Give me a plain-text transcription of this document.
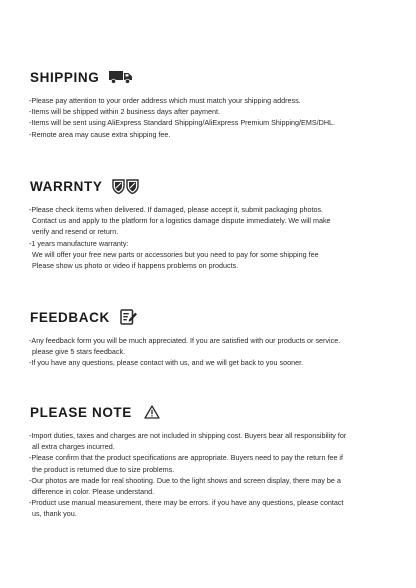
SHIPPING
-Please pay attention to your order address which must match your shipping address.
-Items will be shipped within 2 business days after payment.
-Items will be sent using AliExpress Standard Shipping/AliExpress Premium Shipping/EMS/DHL.
-Remote area may cause extra shipping fee.
WARRNTY
-Please check items when delivered. If damaged, please accept it, submit packaging photos.
Contact us and apply to the platform for a logistics damage dispute immediately. We will make
verify and resend or return.
-1 years manufacture warranty:
We will offer your free new parts or accessories but you need to pay for some shipping fee
Please show us photo or video if happens problems on products.
FEEDBACK
-Any feedback form you will be much appreciated. If you are satisfied with our products or service.
please give 5 stars feedback.
-If you have any questions, please contact with us, and we will get back to you sooner.
PLEASE NOTE
-Import duties, taxes and charges are not included in shipping cost. Buyers bear all responsibility for
all extra charges incurred.
-Please confirm that the product specifications are appropriate. Buyers need to pay the return fee if
the product is returned due to size problems.
-Our photos are made for real shooting. Due to the light shows and screen display, there may be a
difference in color. Please understand.
-Product use manual measurement, there may be errors. if you have any questions, please contact
us, thank you.
